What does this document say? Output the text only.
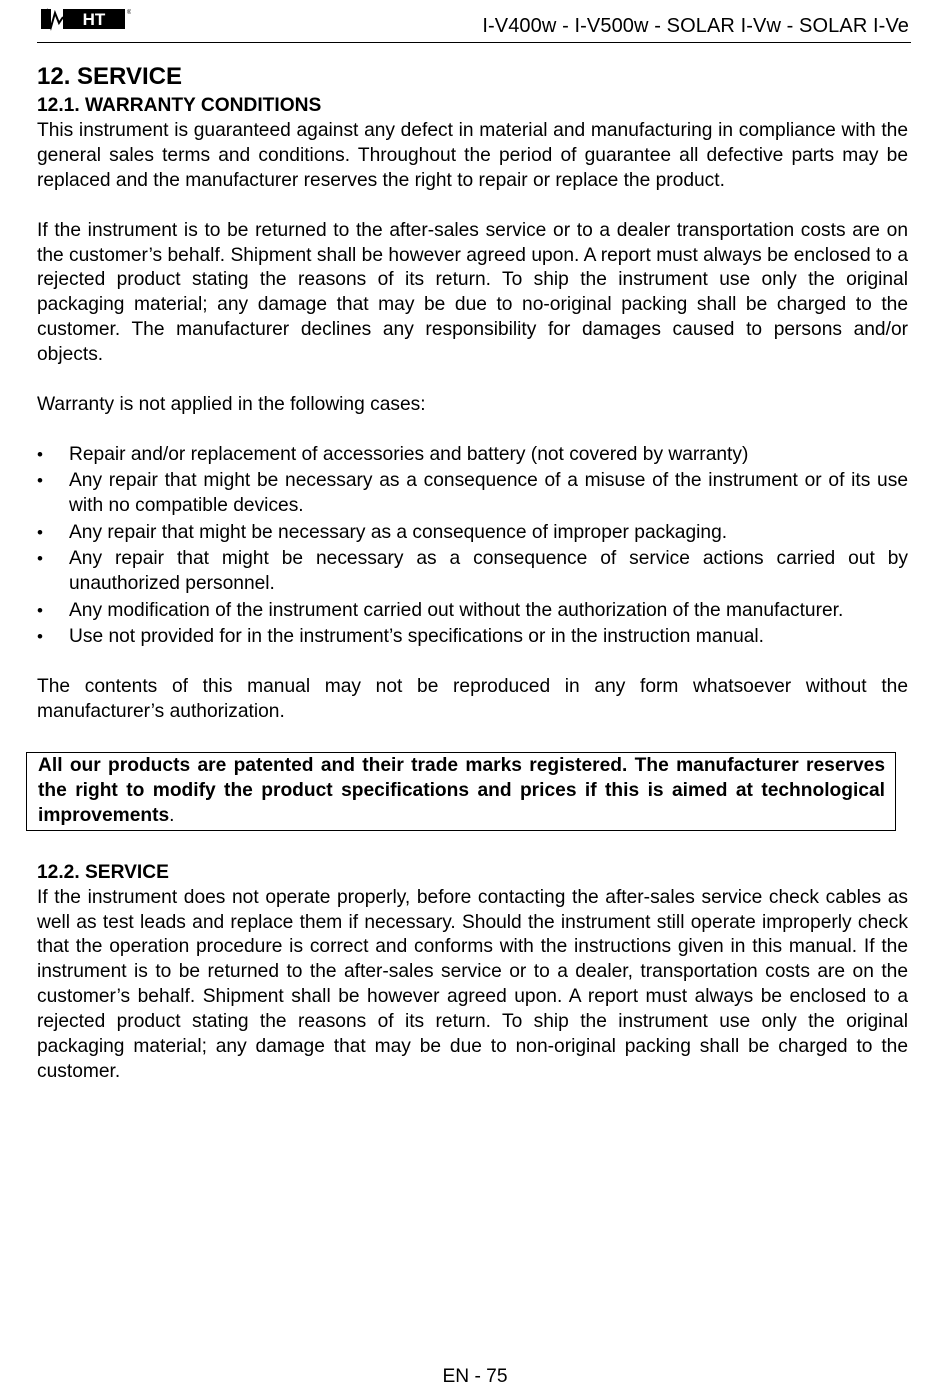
HT	®
I-V400w - I-V500w - SOLAR I-Vw - SOLAR I-Ve
12. SERVICE
12.1. WARRANTY CONDITIONS

This instrument is guaranteed against any defect in material and manufacturing in compliance with the general sales terms and conditions. Throughout the period of guarantee all defective parts may be replaced and the manufacturer reserves the right to repair or replace the product.

If the instrument is to be returned to the after-sales service or to a dealer transportation costs are on the customer’s behalf. Shipment shall be however agreed upon. A report must always be enclosed to a rejected product stating the reasons of its return. To ship the instrument use only the original packaging material; any damage that may be due to no-original packing shall be charged to the customer. The manufacturer declines any responsibility for damages caused to persons and/or objects.

Warranty is not applied in the following cases:

• Repair and/or replacement of accessories and battery (not covered by warranty)
• Any repair that might be necessary as a consequence of a misuse of the instrument or of its use with no compatible devices.
• Any repair that might be necessary as a consequence of improper packaging.
• Any repair that might be necessary as a consequence of service actions carried out by unauthorized personnel.
• Any modification of the instrument carried out without the authorization of the manufacturer.
• Use not provided for in the instrument’s specifications or in the instruction manual.

The contents of this manual may not be reproduced in any form whatsoever without the manufacturer’s authorization.

All our products are patented and their trade marks registered. The manufacturer reserves the right to modify the product specifications and prices if this is aimed at technological improvements.
12.2. SERVICE

If the instrument does not operate properly, before contacting the after-sales service check cables as well as test leads and replace them if necessary. Should the instrument still operate improperly check that the operation procedure is correct and conforms with the instructions given in this manual. If the instrument is to be returned to the after-sales service or to a dealer, transportation costs are on the customer’s behalf. Shipment shall be however agreed upon. A report must always be enclosed to a rejected product stating the reasons of its return. To ship the instrument use only the original packaging material; any damage that may be due to non-original packing shall be charged to the customer.

EN - 75
